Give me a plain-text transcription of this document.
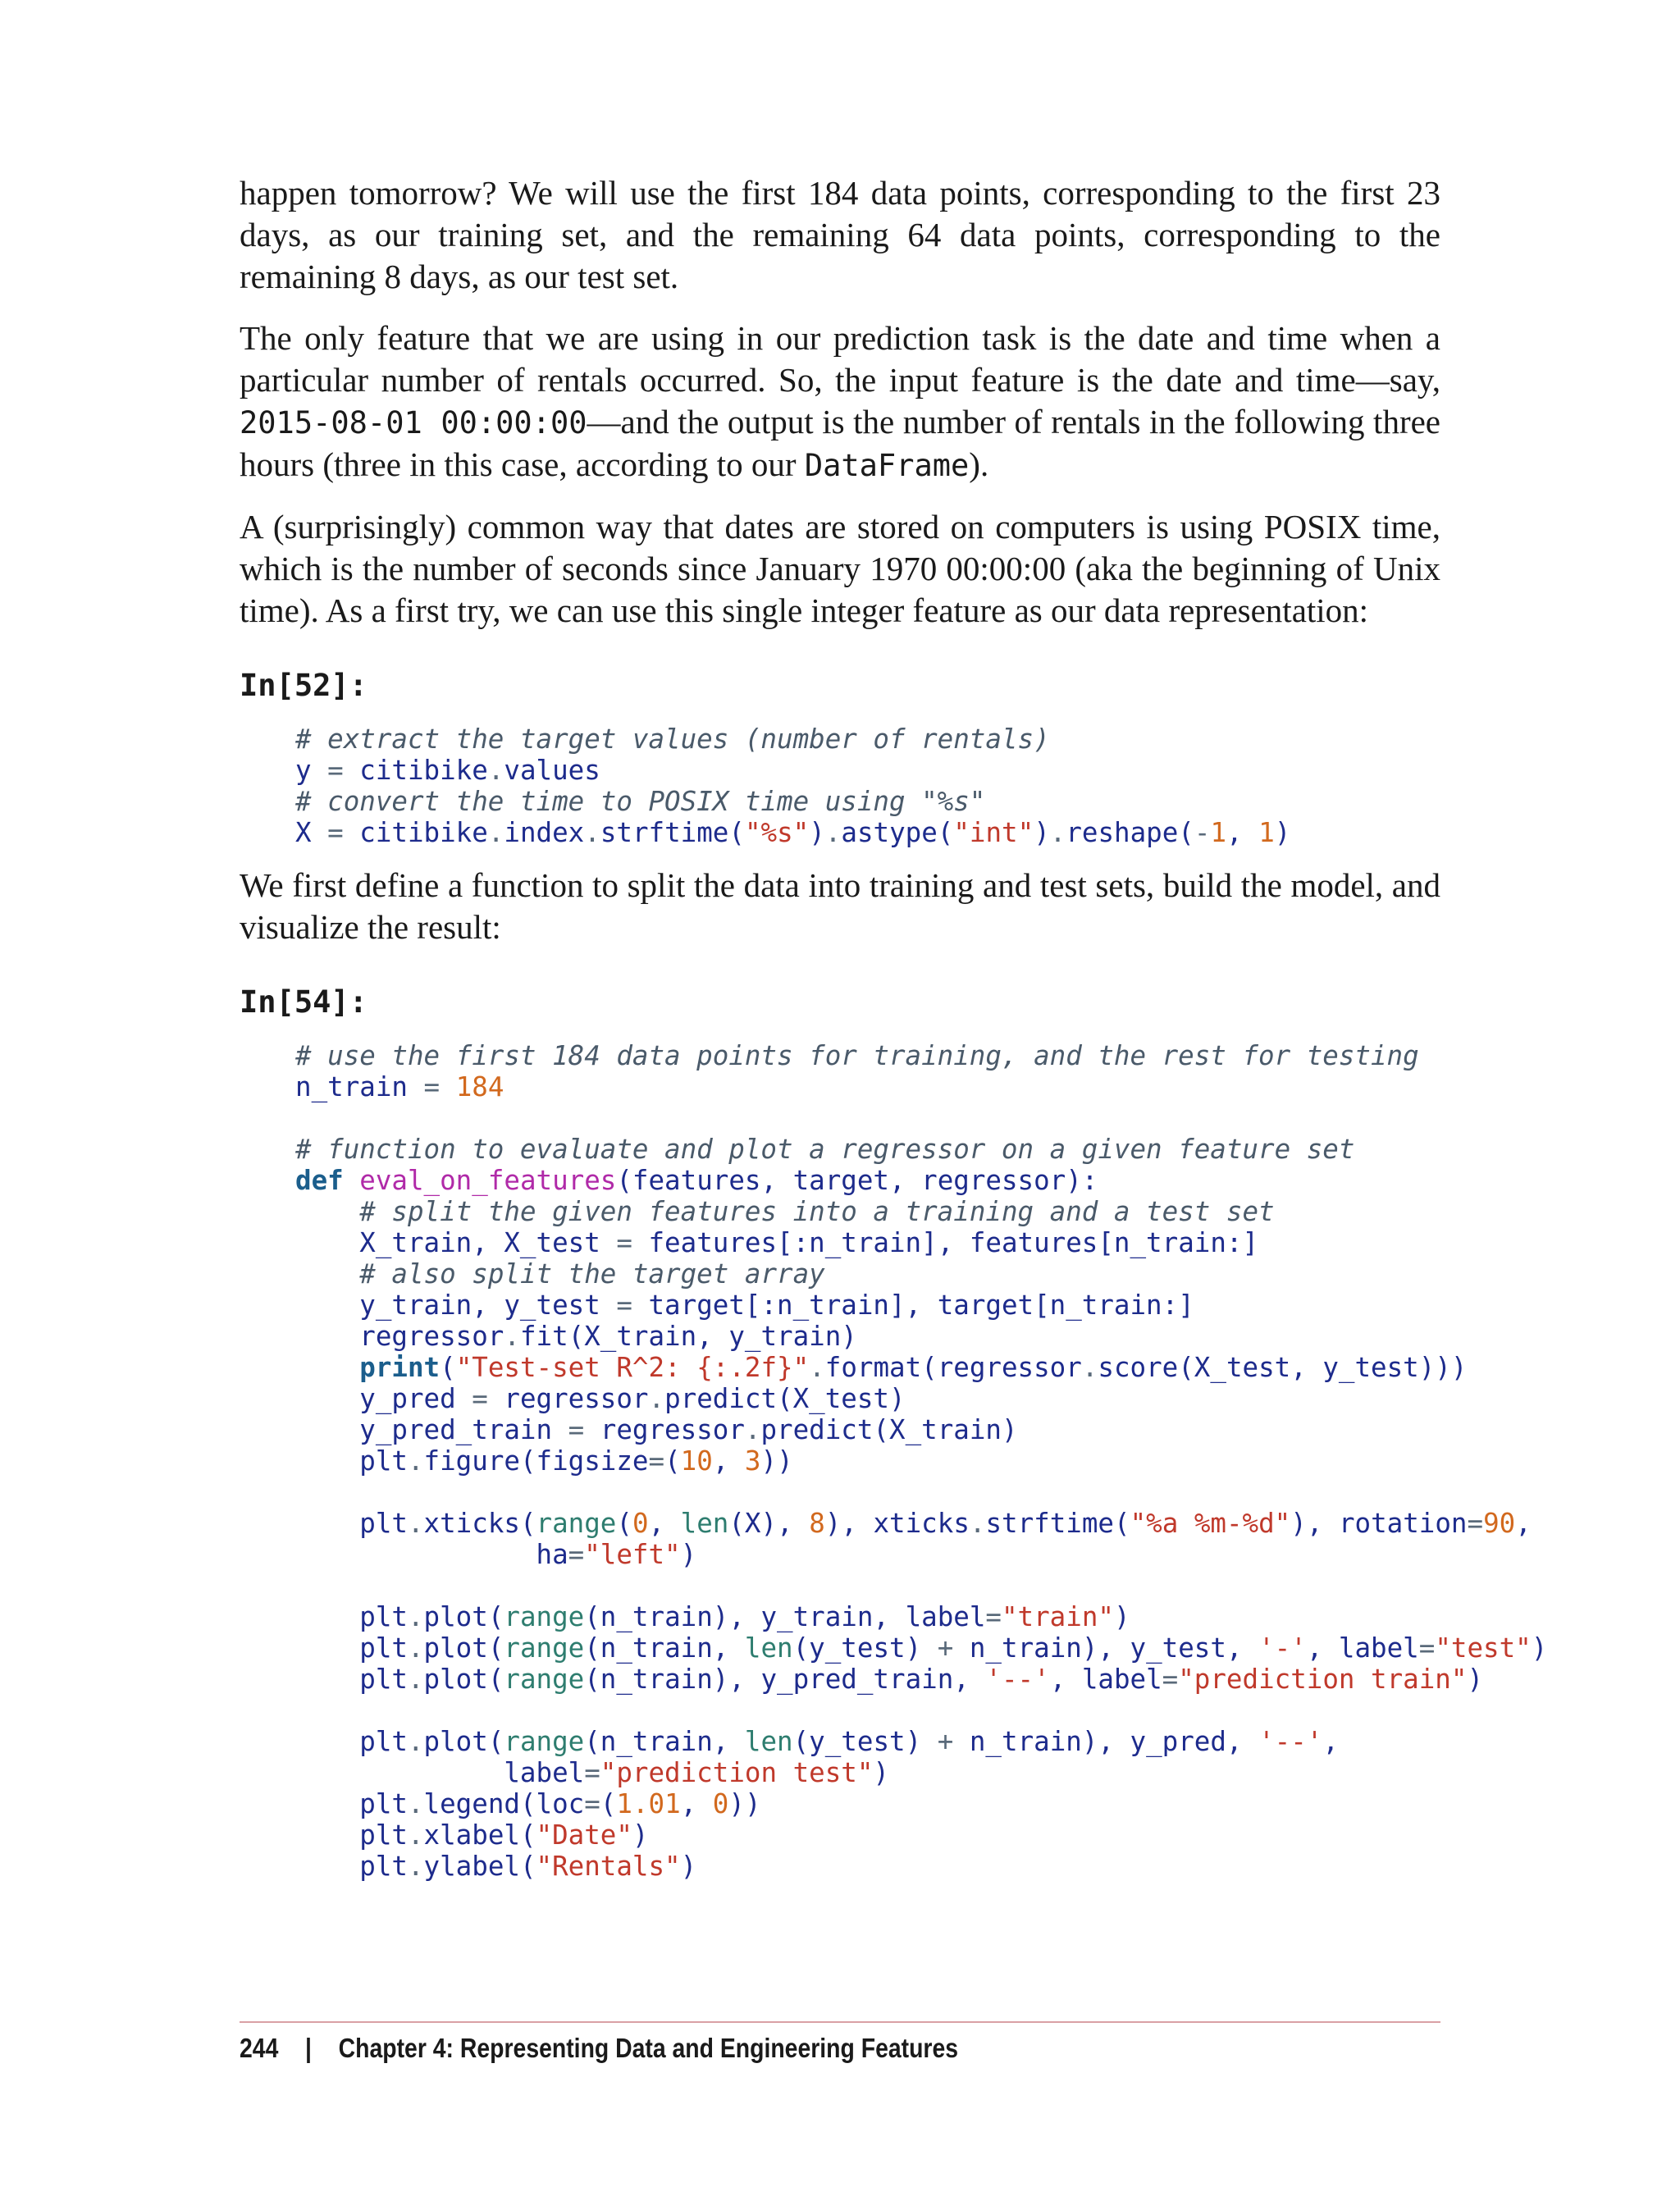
happen tomorrow? We will use the first 184 data points, corresponding to the first 23 days, as our training set, and the remaining 64 data points, corresponding to the remaining 8 days, as our test set.

The only feature that we are using in our prediction task is the date and time when a particular number of rentals occurred. So, the input feature is the date and time—say, 2015-08-01 00:00:00—and the output is the number of rentals in the following three hours (three in this case, according to our DataFrame).

A (surprisingly) common way that dates are stored on computers is using POSIX time, which is the number of seconds since January 1970 00:00:00 (aka the beginning of Unix time). As a first try, we can use this single integer feature as our data representation:

In[52]:
# extract the target values (number of rentals)
y = citibike.values
# convert the time to POSIX time using "%s"
X = citibike.index.strftime("%s").astype("int").reshape(-1, 1)

We first define a function to split the data into training and test sets, build the model, and visualize the result:

In[54]:
# use the first 184 data points for training, and the rest for testing
n_train = 184
# function to evaluate and plot a regressor on a given feature set
def eval_on_features(features, target, regressor):
# split the given features into a training and a test set
X_train, X_test = features[:n_train], features[n_train:]
# also split the target array
y_train, y_test = target[:n_train], target[n_train:]
regressor.fit(X_train, y_train)
print("Test-set R^2: {:.2f}".format(regressor.score(X_test, y_test)))
y_pred = regressor.predict(X_test)
y_pred_train = regressor.predict(X_train)
plt.figure(figsize=(10, 3))
plt.xticks(range(0, len(X), 8), xticks.strftime("%a %m-%d"), rotation=90,
ha="left")
plt.plot(range(n_train), y_train, label="train")
plt.plot(range(n_train, len(y_test) + n_train), y_test, '-', label="test")
plt.plot(range(n_train), y_pred_train, '--', label="prediction train")
plt.plot(range(n_train, len(y_test) + n_train), y_pred, '--',
label="prediction test")
plt.legend(loc=(1.01, 0))
plt.xlabel("Date")
plt.ylabel("Rentals")
244 | Chapter 4: Representing Data and Engineering Features
